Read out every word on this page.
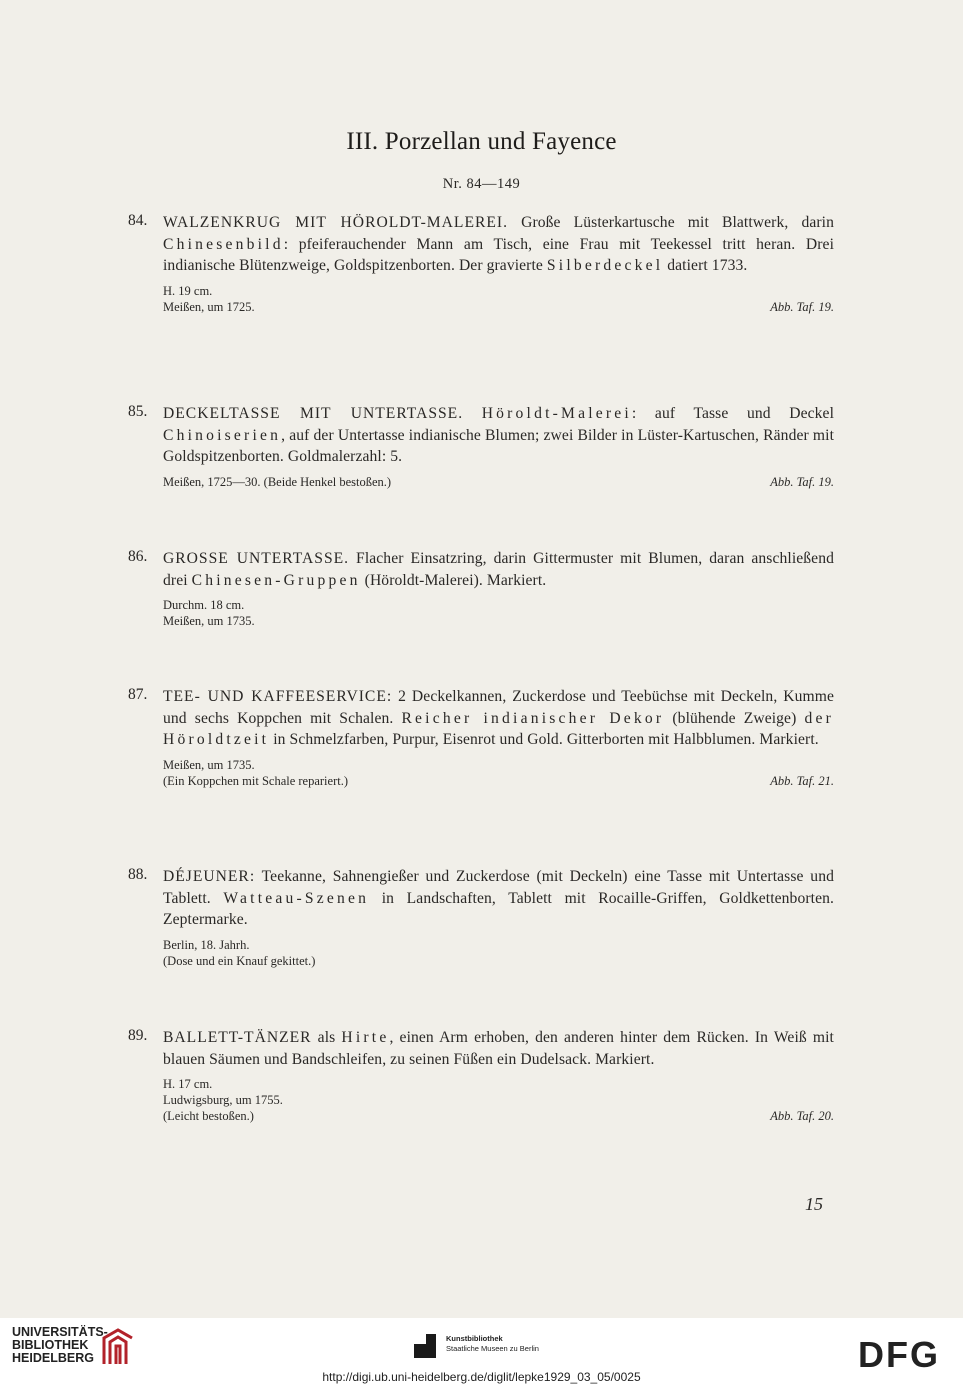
III. Porzellan und Fayence
Nr. 84—149
84.	WALZENKRUG MIT HÖROLDT-MALEREI. Große Lüsterkartusche mit Blattwerk, darin Chinesenbild: pfeiferauchender Mann am Tisch, eine Frau mit Teekessel tritt heran. Drei indianische Blütenzweige, Goldspitzenborten. Der gravierte Silberdeckel datiert 1733.
H. 19 cm.
Meißen, um 1725.	Abb. Taf. 19.
85.	DECKELTASSE MIT UNTERTASSE. Höroldt-Malerei: auf Tasse und Deckel Chinoiserien, auf der Untertasse indianische Blumen; zwei Bilder in Lüster-Kartuschen, Ränder mit Goldspitzenborten. Goldmalerzahl: 5.
Meißen, 1725—30. (Beide Henkel bestoßen.)	Abb. Taf. 19.
86.	GROSSE UNTERTASSE. Flacher Einsatzring, darin Gittermuster mit Blumen, daran anschließend drei Chinesen-Gruppen (Höroldt-Malerei). Markiert.
Durchm. 18 cm.
Meißen, um 1735.
87.	TEE- UND KAFFEESERVICE: 2 Deckelkannen, Zuckerdose und Teebüchse mit Deckeln, Kumme und sechs Koppchen mit Schalen. Reicher indianischer Dekor (blühende Zweige) der Höroldtzeit in Schmelzfarben, Purpur, Eisenrot und Gold. Gitterborten mit Halbblumen. Markiert.
Meißen, um 1735.
(Ein Koppchen mit Schale repariert.)	Abb. Taf. 21.
88.	DÉJEUNER: Teekanne, Sahnengießer und Zuckerdose (mit Deckeln) eine Tasse mit Untertasse und Tablett. Watteau-Szenen in Landschaften, Tablett mit Rocaille-Griffen, Goldkettenborten. Zeptermarke.
Berlin, 18. Jahrh.
(Dose und ein Knauf gekittet.)
89.	BALLETT-TÄNZER als Hirte, einen Arm erhoben, den anderen hinter dem Rücken. In Weiß mit blauen Säumen und Bandschleifen, zu seinen Füßen ein Dudelsack. Markiert.
H. 17 cm.
Ludwigsburg, um 1755.
(Leicht bestoßen.)	Abb. Taf. 20.
15
UNIVERSITÄTS-
BIBLIOTHEK
HEIDELBERG
Kunstbibliothek
Staatliche Museen zu Berlin	DFG
http://digi.ub.uni-heidelberg.de/diglit/lepke1929_03_05/0025
